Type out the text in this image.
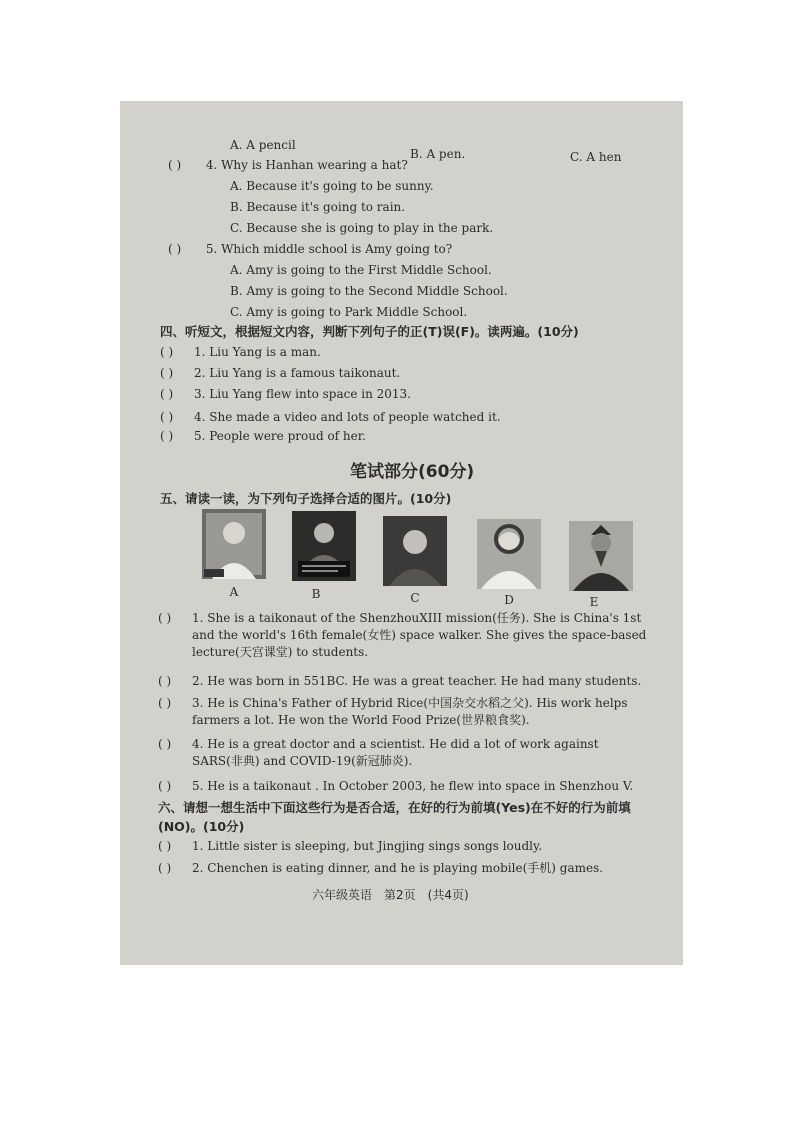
A. A pencil
B. A pen.	C. A hen
( ) 4. Why is Hanhan wearing a hat?
A. Because it's going to be sunny.
B. Because it's going to rain.
C. Because she is going to play in the park.
( ) 5. Which middle school is Amy going to?
A. Amy is going to the First Middle School.
B. Amy is going to the Second Middle School.
C. Amy is going to Park Middle School.
四、听短文，根据短文内容，判断下列句子的正(T)误(F)。读两遍。(10分)
( ) 1. Liu Yang is a man.
( ) 2. Liu Yang is a famous taikonaut.
( ) 3. Liu Yang flew into space in 2013.
( ) 4. She made a video and lots of people watched it.
( ) 5. People were proud of her.
笔试部分(60分)
五、请读一读，为下列句子选择合适的图片。(10分)
A	B	C	D	E
( ) 1. She is a taikonaut of the ShenzhouXIII mission(任务). She is China's 1st and the world's 16th female(女性) space walker. She gives the space-based lecture(天宫课堂) to students.
( ) 2. He was born in 551BC. He was a great teacher. He had many students.
( ) 3. He is China's Father of Hybrid Rice(中国杂交水稻之父). His work helps farmers a lot. He won the World Food Prize(世界粮食奖).
( ) 4. He is a great doctor and a scientist. He did a lot of work against SARS(非典) and COVID-19(新冠肺炎).
( ) 5. He is a taikonaut . In October 2003, he flew into space in Shenzhou V.
六、请想一想生活中下面这些行为是否合适，在好的行为前填(Yes)在不好的行为前填(NO)。(10分)
( ) 1. Little sister is sleeping, but Jingjing sings songs loudly.
( ) 2. Chenchen is eating dinner, and he is playing mobile(手机) games.
六年级英语　第2页　(共4页)
